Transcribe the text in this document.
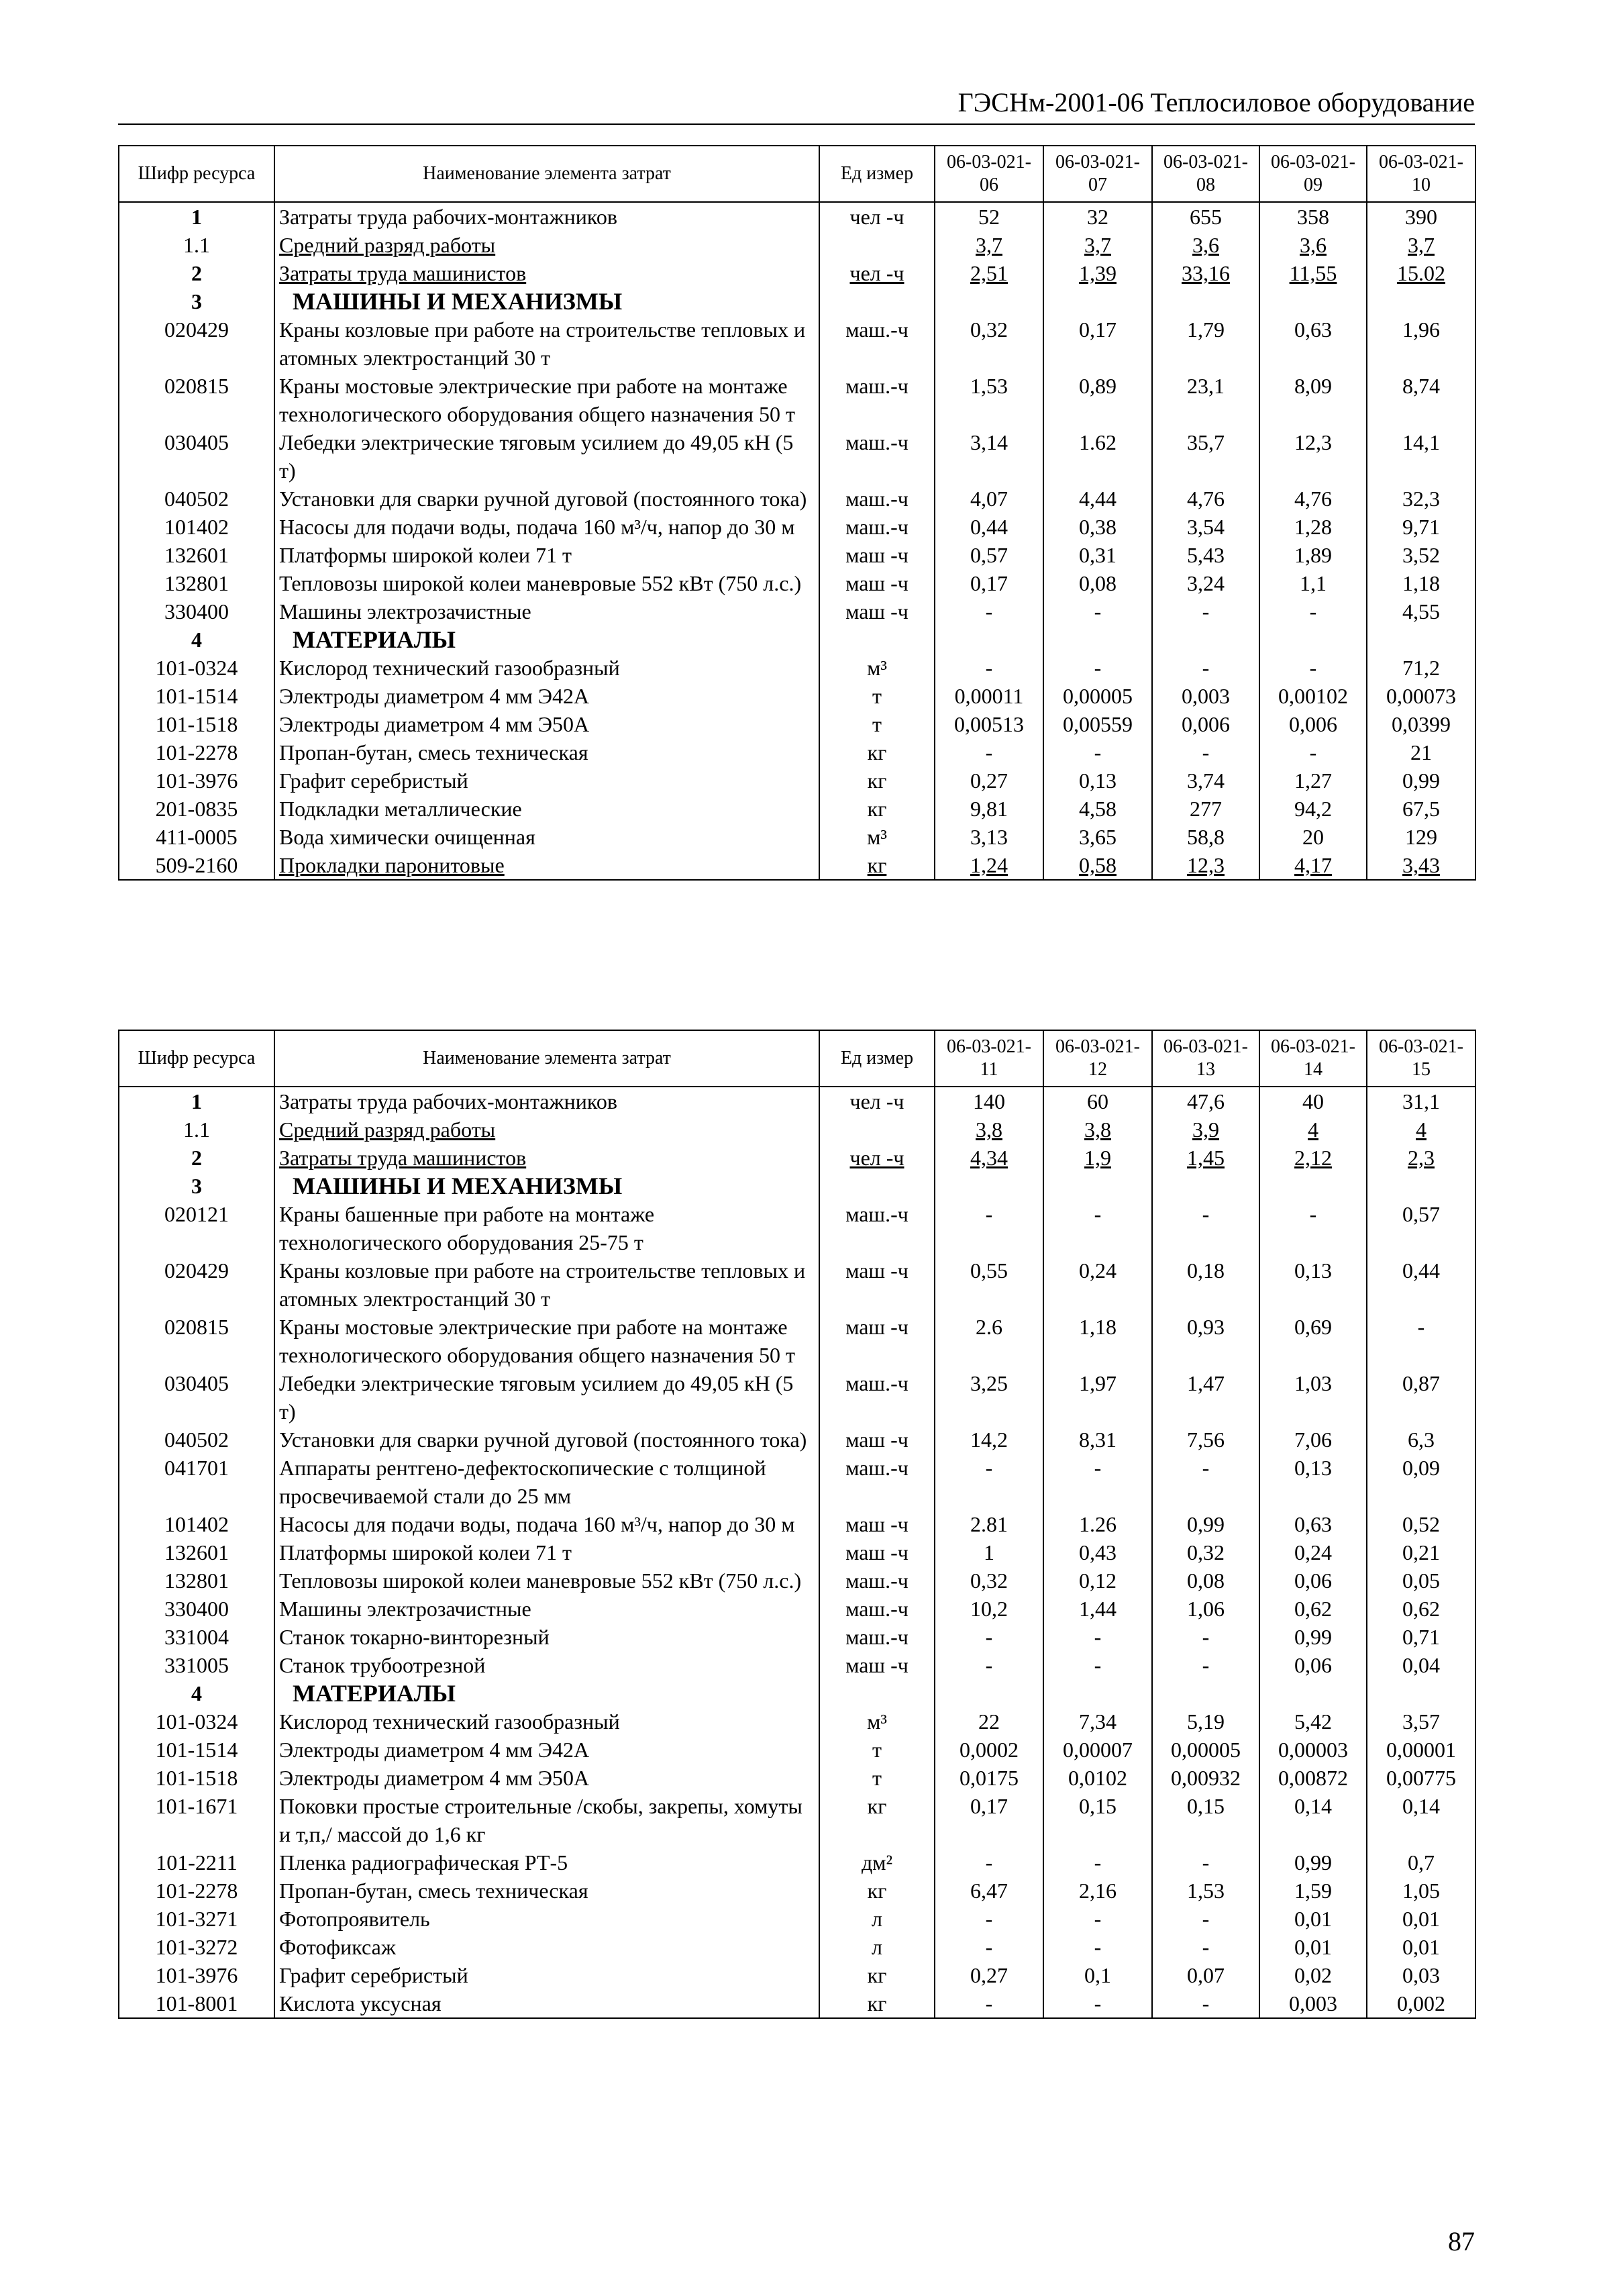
ГЭСНм-2001-06 Теплосиловое оборудование
Шифр ресурса	Наименование элемента затрат	Ед измер	06-03-021-06	06-03-021-07	06-03-021-08	06-03-021-09	06-03-021-10
1	Затраты труда рабочих-монтажников	чел -ч	52	32	655	358	390
1.1	Средний разряд работы		3,7	3,7	3,6	3,6	3,7
2	Затраты труда машинистов	чел -ч	2,51	1,39	33,16	11,55	15.02
3	МАШИНЫ И МЕХАНИЗМЫ						
020429	Краны козловые при работе на строительстве тепловых и атомных электростанций 30 т	маш.-ч	0,32	0,17	1,79	0,63	1,96
020815	Краны мостовые электрические при работе на монтаже технологического оборудования общего назначения 50 т	маш.-ч	1,53	0,89	23,1	8,09	8,74
030405	Лебедки электрические тяговым усилием до 49,05 кН (5 т)	маш.-ч	3,14	1.62	35,7	12,3	14,1
040502	Установки для сварки ручной дуговой (постоянного тока)	маш.-ч	4,07	4,44	4,76	4,76	32,3
101402	Насосы для подачи воды, подача 160 м³/ч, напор до 30 м	маш.-ч	0,44	0,38	3,54	1,28	9,71
132601	Платформы широкой колеи 71 т	маш -ч	0,57	0,31	5,43	1,89	3,52
132801	Тепловозы широкой колеи маневровые 552 кВт (750 л.с.)	маш -ч	0,17	0,08	3,24	1,1	1,18
330400	Машины электрозачистные	маш -ч	-	-	-	-	4,55
4	МАТЕРИАЛЫ						
101-0324	Кислород технический газообразный	м³	-	-	-	-	71,2
101-1514	Электроды диаметром 4 мм Э42А	т	0,00011	0,00005	0,003	0,00102	0,00073
101-1518	Электроды диаметром 4 мм Э50А	т	0,00513	0,00559	0,006	0,006	0,0399
101-2278	Пропан-бутан, смесь техническая	кг	-	-	-	-	21
101-3976	Графит серебристый	кг	0,27	0,13	3,74	1,27	0,99
201-0835	Подкладки металлические	кг	9,81	4,58	277	94,2	67,5
411-0005	Вода химически очищенная	м³	3,13	3,65	58,8	20	129
509-2160	Прокладки паронитовые	кг	1,24	0,58	12,3	4,17	3,43
Шифр ресурса	Наименование элемента затрат	Ед измер	06-03-021-11	06-03-021-12	06-03-021-13	06-03-021-14	06-03-021-15
1	Затраты труда рабочих-монтажников	чел -ч	140	60	47,6	40	31,1
1.1	Средний разряд работы		3,8	3,8	3,9	4	4
2	Затраты труда машинистов	чел -ч	4,34	1,9	1,45	2,12	2,3
3	МАШИНЫ И МЕХАНИЗМЫ						
020121	Краны башенные при работе на монтаже технологического оборудования 25-75 т	маш.-ч	-	-	-	-	0,57
020429	Краны козловые при работе на строительстве тепловых и атомных электростанций 30 т	маш -ч	0,55	0,24	0,18	0,13	0,44
020815	Краны мостовые электрические при работе на монтаже технологического оборудования общего назначения 50 т	маш -ч	2.6	1,18	0,93	0,69	-
030405	Лебедки электрические тяговым усилием до 49,05 кН (5 т)	маш.-ч	3,25	1,97	1,47	1,03	0,87
040502	Установки для сварки ручной дуговой (постоянного тока)	маш -ч	14,2	8,31	7,56	7,06	6,3
041701	Аппараты рентгено-дефектоскопические с толщиной просвечиваемой стали до 25 мм	маш.-ч	-	-	-	0,13	0,09
101402	Насосы для подачи воды, подача 160 м³/ч, напор до 30 м	маш -ч	2.81	1.26	0,99	0,63	0,52
132601	Платформы широкой колеи 71 т	маш -ч	1	0,43	0,32	0,24	0,21
132801	Тепловозы широкой колеи маневровые 552 кВт (750 л.с.)	маш.-ч	0,32	0,12	0,08	0,06	0,05
330400	Машины электрозачистные	маш.-ч	10,2	1,44	1,06	0,62	0,62
331004	Станок токарно-винторезный	маш.-ч	-	-	-	0,99	0,71
331005	Станок трубоотрезной	маш -ч	-	-	-	0,06	0,04
4	МАТЕРИАЛЫ						
101-0324	Кислород технический газообразный	м³	22	7,34	5,19	5,42	3,57
101-1514	Электроды диаметром 4 мм Э42А	т	0,0002	0,00007	0,00005	0,00003	0,00001
101-1518	Электроды диаметром 4 мм Э50А	т	0,0175	0,0102	0,00932	0,00872	0,00775
101-1671	Поковки простые строительные /скобы, закрепы, хомуты и т,п,/ массой до 1,6 кг	кг	0,17	0,15	0,15	0,14	0,14
101-2211	Пленка радиографическая РТ-5	дм²	-	-	-	0,99	0,7
101-2278	Пропан-бутан, смесь техническая	кг	6,47	2,16	1,53	1,59	1,05
101-3271	Фотопроявитель	л	-	-	-	0,01	0,01
101-3272	Фотофиксаж	л	-	-	-	0,01	0,01
101-3976	Графит серебристый	кг	0,27	0,1	0,07	0,02	0,03
101-8001	Кислота уксусная	кг	-	-	-	0,003	0,002
87
